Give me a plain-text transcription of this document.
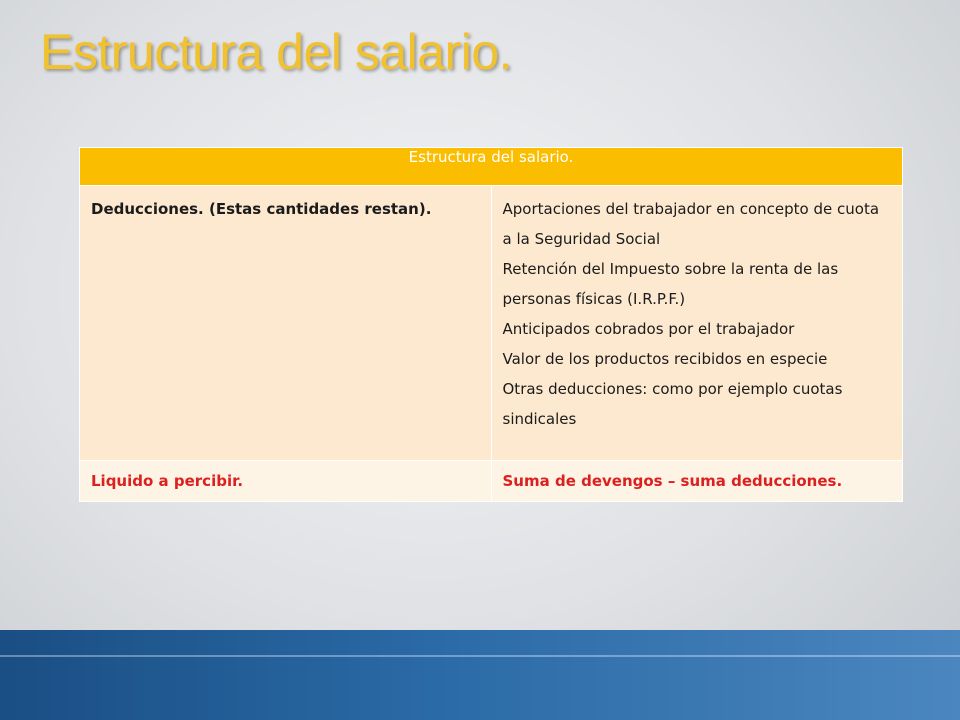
Estructura del salario.
Estructura del salario.	
Deducciones. (Estas cantidades restan).	Aportaciones del trabajador en concepto de cuota a la Seguridad Social
Retención del Impuesto sobre la renta de las personas físicas (I.R.P.F.)
Anticipados cobrados por el trabajador
Valor de los productos recibidos en especie
Otras deducciones: como por ejemplo cuotas sindicales

Liquido a percibir.	Suma de devengos – suma deducciones.
